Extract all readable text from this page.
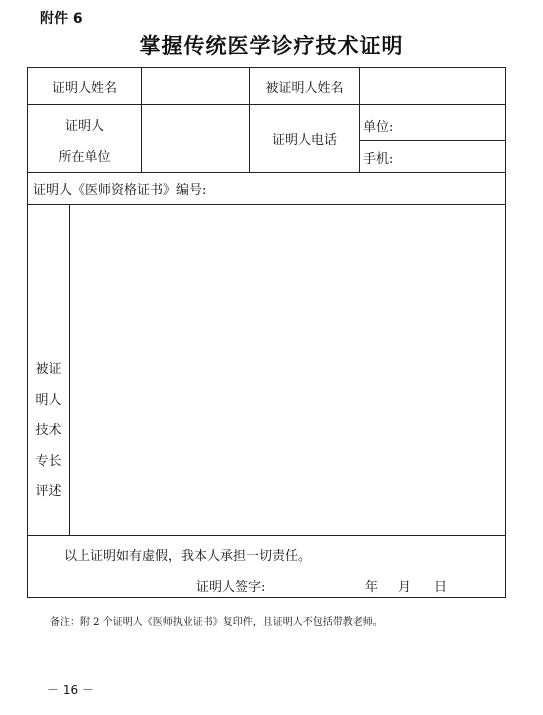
附件 6
掌握传统医学诊疗技术证明
证明人姓名	被证明人姓名
证明人
所在单位
证明人电话
单位:
手机:
证明人《医师资格证书》编号:
被证
明人
技术
专长
评述
以上证明如有虚假，我本人承担一切责任。
证明人签字:	年 月 日
备注：附 2 个证明人《医师执业证书》复印件，且证明人不包括带教老师。
－ 16 －
